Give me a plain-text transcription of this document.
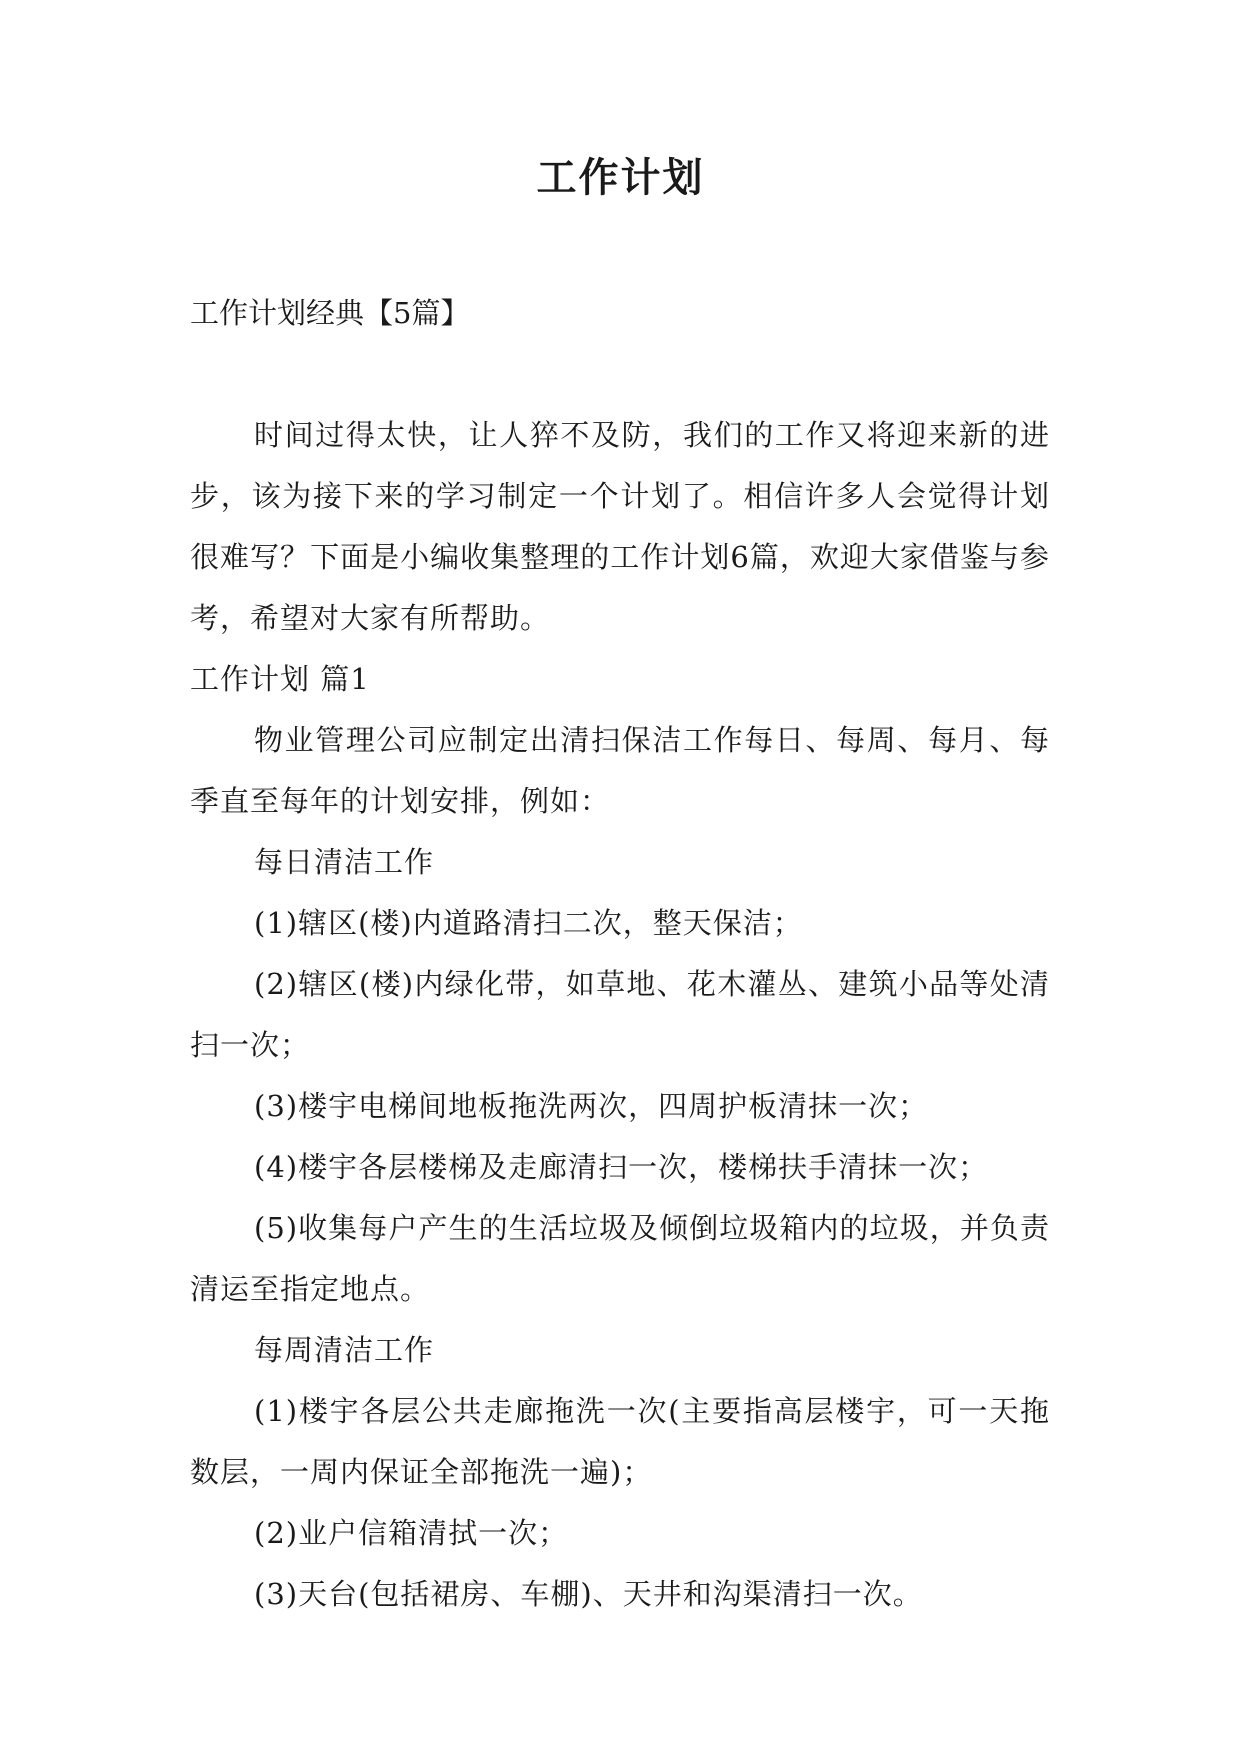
工作计划
工作计划经典【5篇】

时间过得太快，让人猝不及防，我们的工作又将迎来新的进步，该为接下来的学习制定一个计划了。相信许多人会觉得计划很难写？下面是小编收集整理的工作计划6篇，欢迎大家借鉴与参考，希望对大家有所帮助。

工作计划 篇1

物业管理公司应制定出清扫保洁工作每日、每周、每月、每季直至每年的计划安排，例如：

每日清洁工作

(1)辖区(楼)内道路清扫二次，整天保洁；

(2)辖区(楼)内绿化带，如草地、花木灌丛、建筑小品等处清扫一次；

(3)楼宇电梯间地板拖洗两次，四周护板清抹一次；

(4)楼宇各层楼梯及走廊清扫一次，楼梯扶手清抹一次；

(5)收集每户产生的生活垃圾及倾倒垃圾箱内的垃圾，并负责清运至指定地点。

每周清洁工作

(1)楼宇各层公共走廊拖洗一次(主要指高层楼宇，可一天拖数层，一周内保证全部拖洗一遍)；

(2)业户信箱清拭一次；

(3)天台(包括裙房、车棚)、天井和沟渠清扫一次。
